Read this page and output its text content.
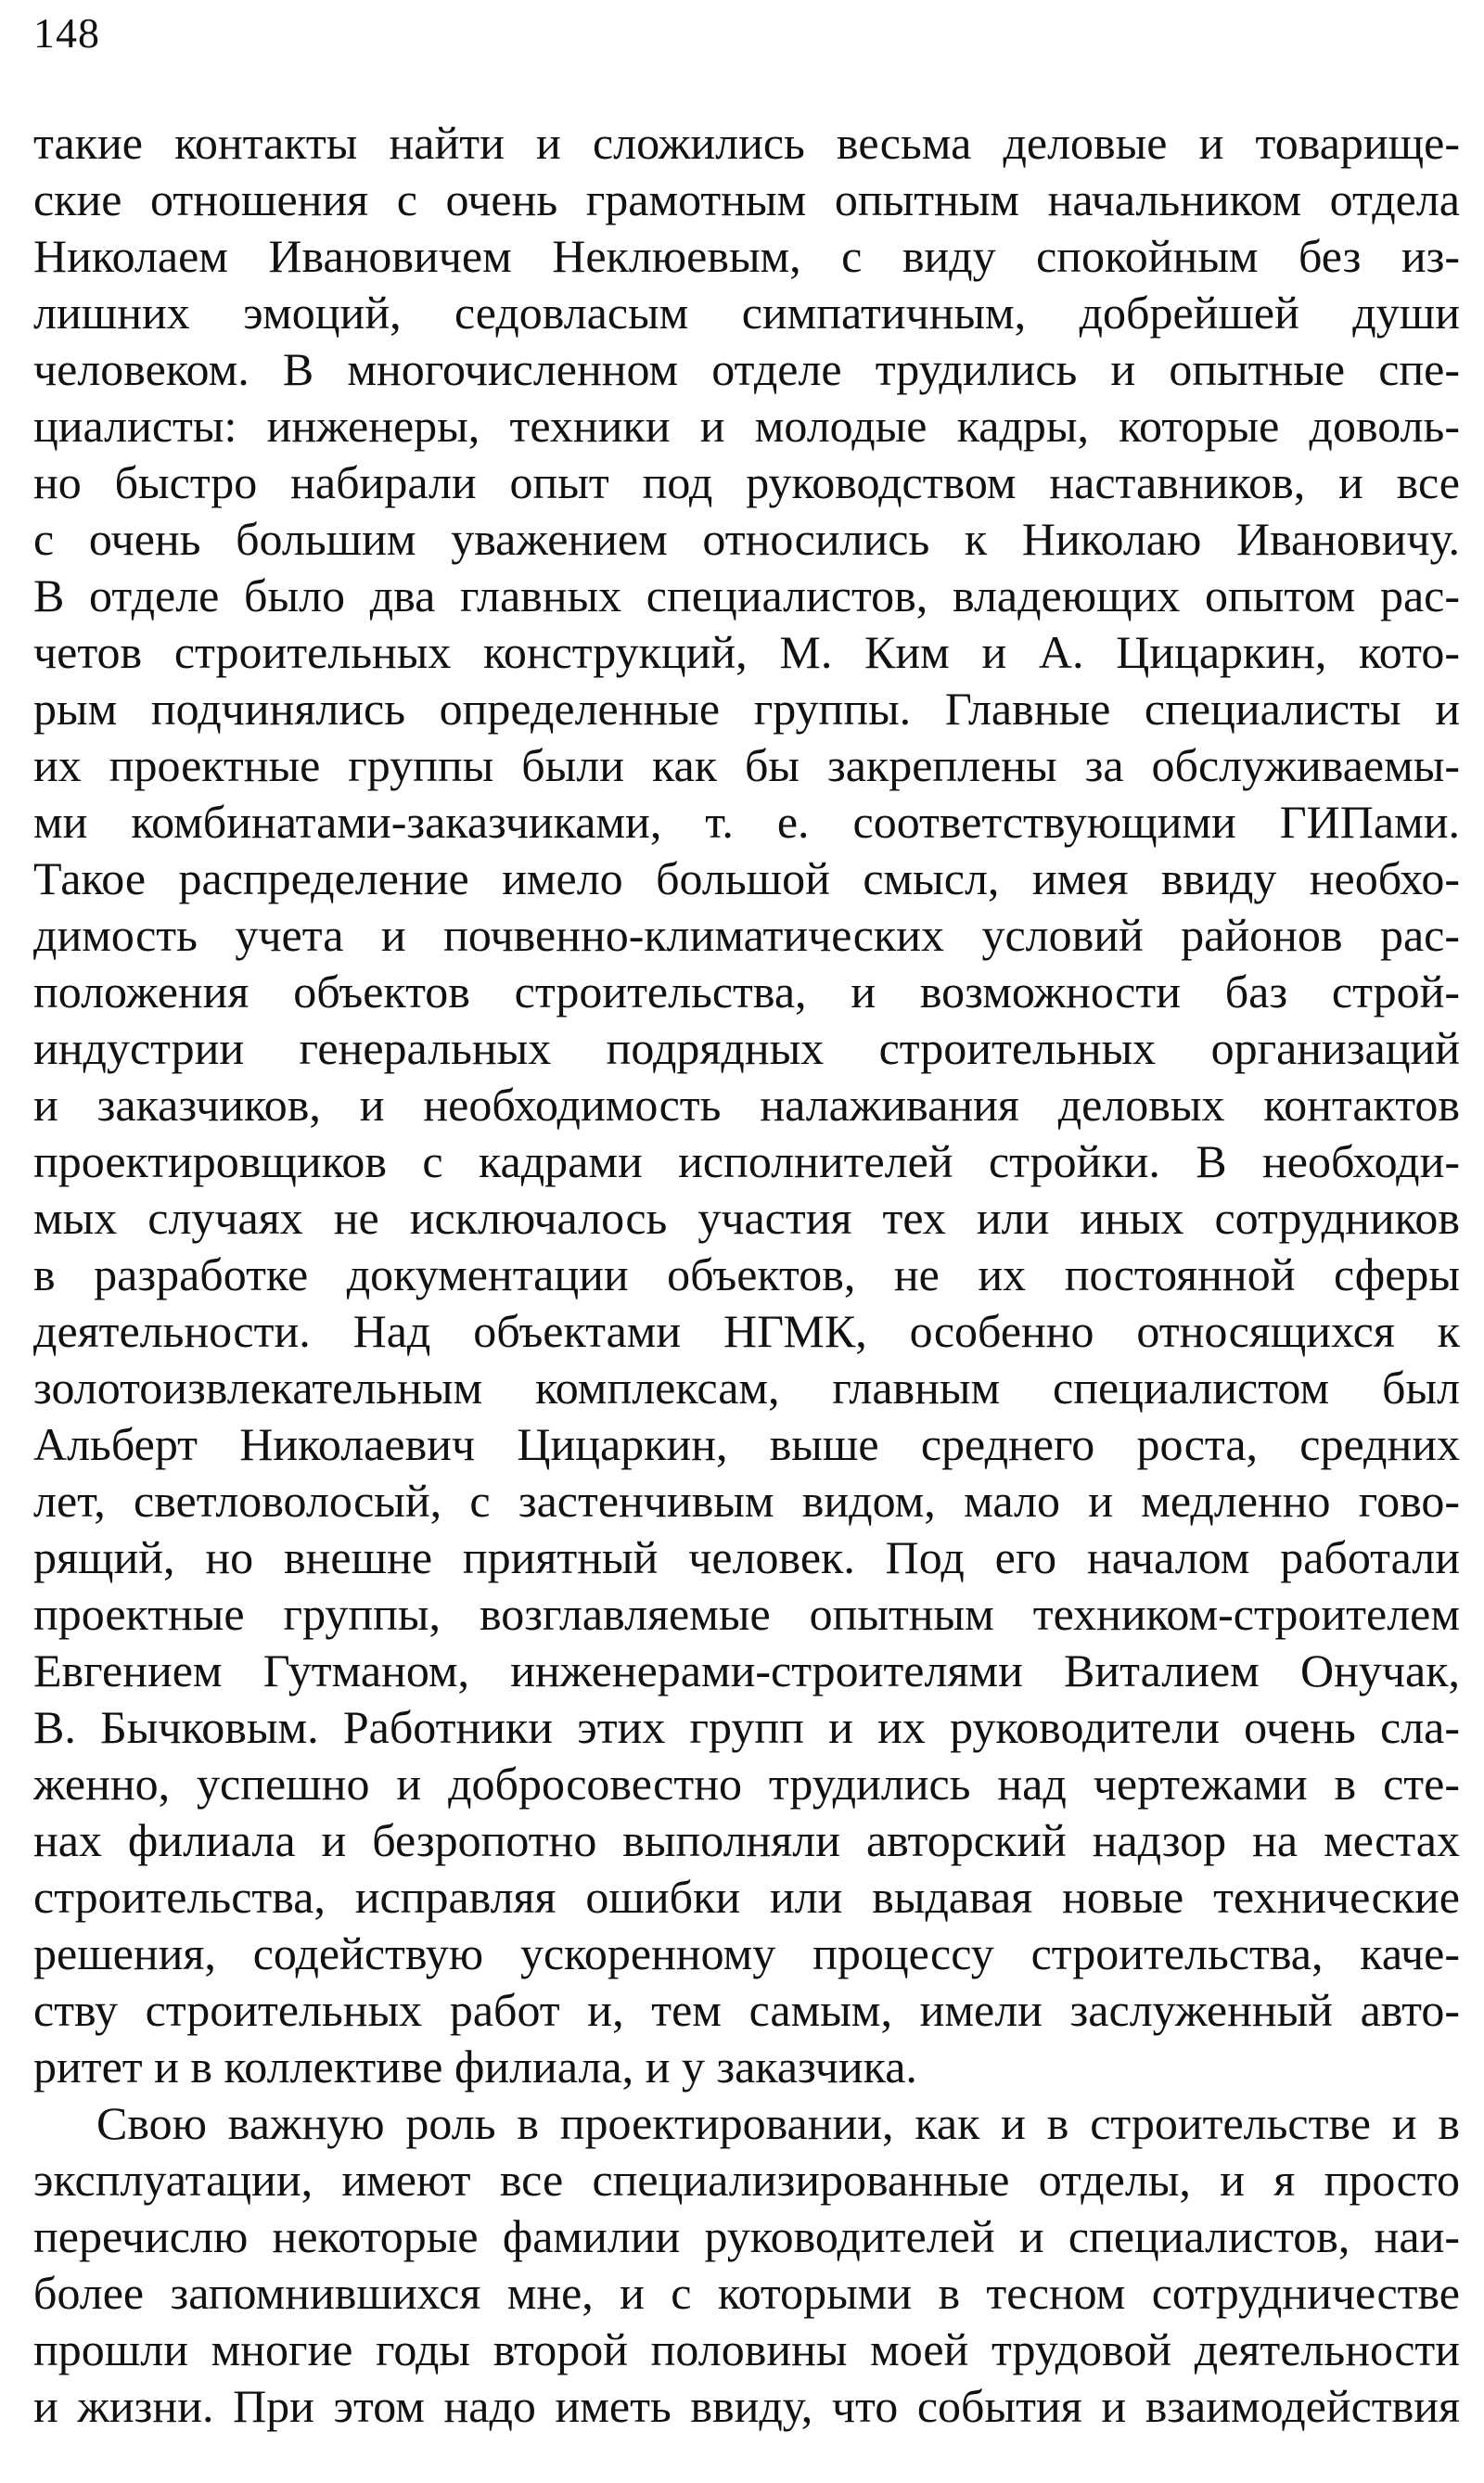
148
такие контакты найти и сложились весьма деловые и товарище-
ские отношения с очень грамотным опытным начальником отдела
Николаем Ивановичем Неклюевым, с виду спокойным без из-
лишних эмоций, седовласым симпатичным, добрейшей души
человеком. В многочисленном отделе трудились и опытные спе-
циалисты: инженеры, техники и молодые кадры, которые доволь-
но быстро набирали опыт под руководством наставников, и все
с очень большим уважением относились к Николаю Ивановичу.
В отделе было два главных специалистов, владеющих опытом рас-
четов строительных конструкций, М. Ким и А. Цицаркин, кото-
рым подчинялись определенные группы. Главные специалисты и
их проектные группы были как бы закреплены за обслуживаемы-
ми комбинатами-заказчиками, т. е. соответствующими ГИПами.
Такое распределение имело большой смысл, имея ввиду необхо-
димость учета и почвенно-климатических условий районов рас-
положения объектов строительства, и возможности баз строй-
индустрии генеральных подрядных строительных организаций
и заказчиков, и необходимость налаживания деловых контактов
проектировщиков с кадрами исполнителей стройки. В необходи-
мых случаях не исключалось участия тех или иных сотрудников
в разработке документации объектов, не их постоянной сферы
деятельности. Над объектами НГМК, особенно относящихся к
золотоизвлекательным комплексам, главным специалистом был
Альберт Николаевич Цицаркин, выше среднего роста, средних
лет, светловолосый, с застенчивым видом, мало и медленно гово-
рящий, но внешне приятный человек. Под его началом работали
проектные группы, возглавляемые опытным техником-строителем
Евгением Гутманом, инженерами-строителями Виталием Онучак,
В. Бычковым. Работники этих групп и их руководители очень сла-
женно, успешно и добросовестно трудились над чертежами в сте-
нах филиала и безропотно выполняли авторский надзор на местах
строительства, исправляя ошибки или выдавая новые технические
решения, содействую ускоренному процессу строительства, каче-
ству строительных работ и, тем самым, имели заслуженный авто-
ритет и в коллективе филиала, и у заказчика.
Свою важную роль в проектировании, как и в строительстве и в
эксплуатации, имеют все специализированные отделы, и я просто
перечислю некоторые фамилии руководителей и специалистов, наи-
более запомнившихся мне, и с которыми в тесном сотрудничестве
прошли многие годы второй половины моей трудовой деятельности
и жизни. При этом надо иметь ввиду, что события и взаимодействия
